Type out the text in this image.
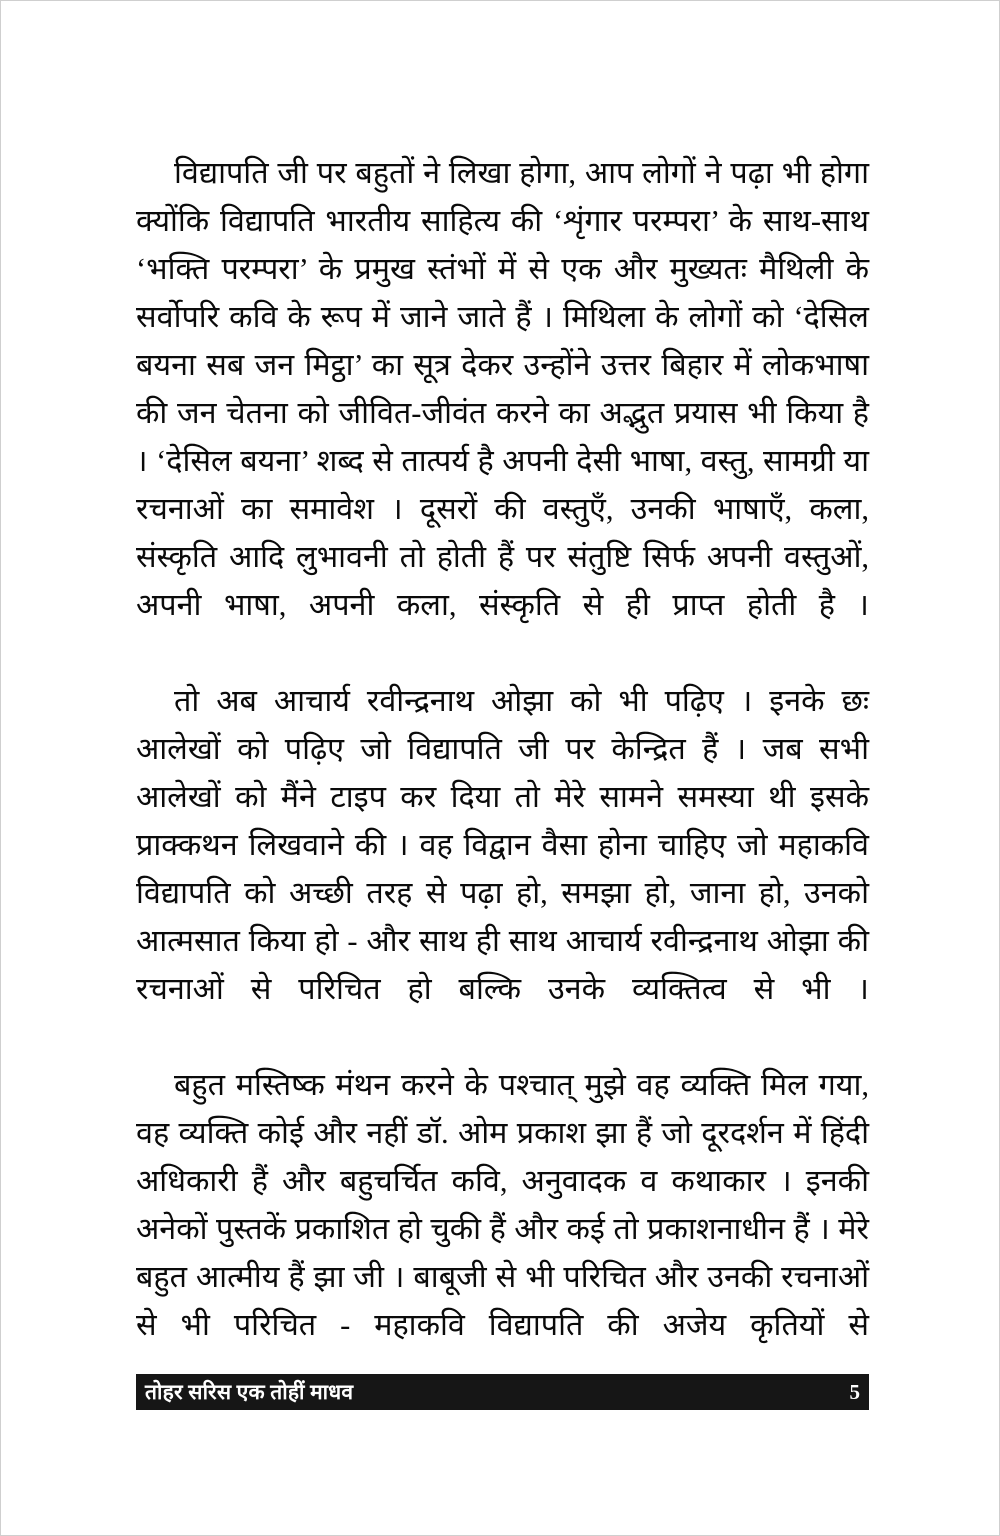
विद्यापति जी पर बहुतों ने लिखा होगा, आप लोगों ने पढ़ा भी होगा क्योंकि विद्यापति भारतीय साहित्य की ‘शृंगार परम्परा’ के साथ-साथ ‘भक्ति परम्परा’ के प्रमुख स्तंभों में से एक और मुख्यतः मैथिली के सर्वोपरि कवि के रूप में जाने जाते हैं । मिथिला के लोगों को ‘देसिल बयना सब जन मिट्ठा’ का सूत्र देकर उन्होंने उत्तर बिहार में लोकभाषा की जन चेतना को जीवित-जीवंत करने का अद्भुत प्रयास भी किया है । ‘देसिल बयना’ शब्द से तात्पर्य है अपनी देसी भाषा, वस्तु, सामग्री या रचनाओं का समावेश । दूसरों की वस्तुएँ, उनकी भाषाएँ, कला, संस्कृति आदि लुभावनी तो होती हैं पर संतुष्टि सिर्फ अपनी वस्तुओं, अपनी भाषा, अपनी कला, संस्कृति से ही प्राप्त होती है ।

तो अब आचार्य रवीन्द्रनाथ ओझा को भी पढ़िए । इनके छः आलेखों को पढ़िए जो विद्यापति जी पर केन्द्रित हैं । जब सभी आलेखों को मैंने टाइप कर दिया तो मेरे सामने समस्या थी इसके प्राक्कथन लिखवाने की । वह विद्वान वैसा होना चाहिए जो महाकवि विद्यापति को अच्छी तरह से पढ़ा हो, समझा हो, जाना हो, उनको आत्मसात किया हो - और साथ ही साथ आचार्य रवीन्द्रनाथ ओझा की रचनाओं से परिचित हो बल्कि उनके व्यक्तित्व से भी ।

बहुत मस्तिष्क मंथन करने के पश्चात् मुझे वह व्यक्ति मिल गया, वह व्यक्ति कोई और नहीं डॉ. ओम प्रकाश झा हैं जो दूरदर्शन में हिंदी अधिकारी हैं और बहुचर्चित कवि, अनुवादक व कथाकार । इनकी अनेकों पुस्तकें प्रकाशित हो चुकी हैं और कई तो प्रकाशनाधीन हैं । मेरे बहुत आत्मीय हैं झा जी । बाबूजी से भी परिचित और उनकी रचनाओं से भी परिचित - महाकवि विद्यापति की अजेय कृतियों से

तोहर सरिस एक तोहीं माधव	5
